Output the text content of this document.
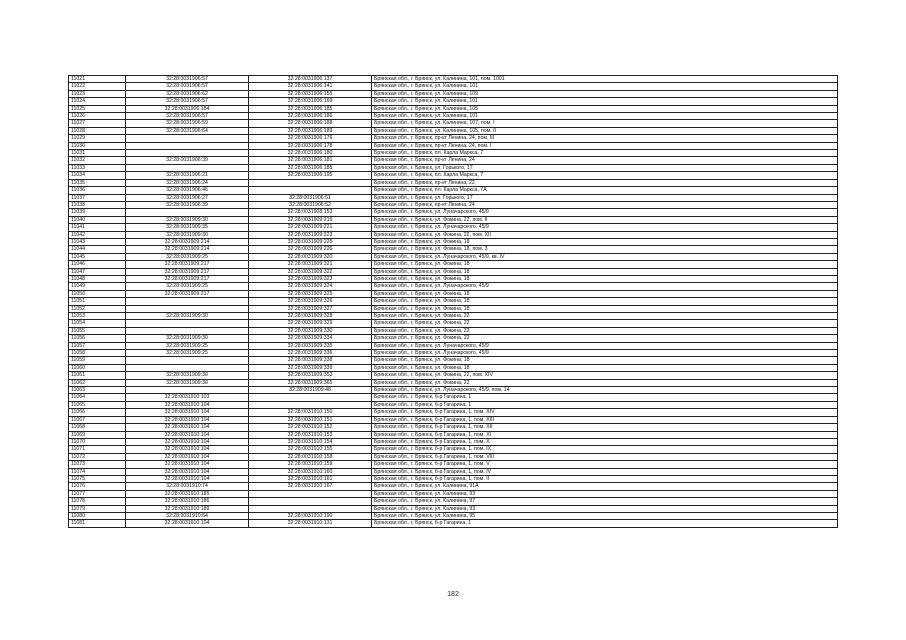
11021	32:28:0031906:57	32:28:0031906:137	Брянская обл., г. Брянск, ул. Калинина, 101, пом. 1001
11022	32:28:0031906:57	32:28:0031906:141	Брянская обл., г. Брянск, ул. Калинина, 101
11023	32:28:0031906:62	32:28:0031906:155	Брянская обл., г. Брянск, ул. Калинина, 109
11024	32:28:0031906:57	32:28:0031906:169	Брянская обл., г. Брянск, ул. Калинина, 101
11025	32:28:0031906:184	32:28:0031906:185	Брянская обл., г. Брянск, ул. Калинина, 105
11026	32:28:0031906:57	32:28:0031906:186	Брянская обл., г. Брянск, ул. Калинина, 101
11027	32:28:0031906:59	32:28:0031906:188	Брянская обл., г. Брянск, ул. Калинина, 107, пом. I
11028	32:28:0031906:64	32:28:0031906:189	Брянская обл., г. Брянск, ул. Калинина, 105, пом. II
11029		32:28:0031906:176	Брянская обл., г. Брянск, пр-кт Ленина, 24, пом. III
11030		32:28:0031906:178	Брянская обл., г. Брянск, пр-кт Ленина, 24, пом. I
11031		32:28:0031906:180	Брянская обл., г. Брянск, пл. Карла Маркса, 7
11032	32:28:0031906:39	32:28:0031906:181	Брянская обл., г. Брянск, пр-кт Ленина, 24
11033		32:28:0031906:185	Брянская обл., г. Брянск, ул. Горького, 17
11034	32:28:0031906:21	32:28:0031906:195	Брянская обл., г. Брянск, пл. Карла Маркса, 7
11035	32:28:0031906:24		Брянская обл., г. Брянск, пр-кт Ленина, 22
11036	32:28:0031906:46		Брянская обл., г. Брянск, пл. Карла Маркса, 7А
11037	32:28:0031906:27	32:28:0031906:51	Брянская обл., г. Брянск, ул. Горького, 17
11038	32:28:0031906:39	32:28:0031906:52	Брянская обл., г. Брянск, пр-кт Ленина, 24
11039		32:28:0031908:153	Брянская обл., г. Брянск, ул. Луначарского, 45/9
11040	32:28:0031909:30	32:28:0031909:216	Брянская обл., г. Брянск, ул. Фокина, 22, пом. II
11041	32:28:0031909:35	32:28:0031909:221	Брянская обл., г. Брянск, ул. Луначарского, 45/9
11042	32:28:0031909:30	32:28:0031909:223	Брянская обл., г. Брянск, ул. Фокина, 22, пом. XII
11043	32:28:0031909:214	32:28:0031909:225	Брянская обл., г. Брянск, ул. Фокина, 18
11044	32:28:0031909:214	32:28:0031909:226	Брянская обл., г. Брянск, ул. Фокина, 18, пом. 3
11045	32:28:0031909:25	32:28:0031909:320	Брянская обл., г. Брянск, ул. Луначарского, 45/9, кв. IV
11046	32:28:0031909:217	32:28:0031909:321	Брянская обл., г. Брянск, ул. Фокина, 18
11047	32:28:0031909:217	32:28:0031909:322	Брянская обл., г. Брянск, ул. Фокина, 18
11048	32:28:0031909:217	32:28:0031909:323	Брянская обл., г. Брянск, ул. Фокина, 18
11049	32:28:0031909:25	32:28:0031909:324	Брянская обл., г. Брянск, ул. Луначарского, 45/9
11050	32:28:0031909:217	32:28:0031909:325	Брянская обл., г. Брянск, ул. Фокина, 18
11051		32:28:0031909:326	Брянская обл., г. Брянск, ул. Фокина, 18
11052		32:28:0031909:327	Брянская обл., г. Брянск, ул. Фокина, 18
11053	32:28:0031909:30	32:28:0031909:328	Брянская обл., г. Брянск, ул. Фокина, 22
11054		32:28:0031909:329	Брянская обл., г. Брянск, ул. Фокина, 22
11055		32:28:0031909:330	Брянская обл., г. Брянск, ул. Фокина, 22
11056	32:28:0031909:30	32:28:0031909:334	Брянская обл., г. Брянск, ул. Фокина, 22
11057	32:28:0031909:25	32:28:0031909:335	Брянская обл., г. Брянск, ул. Луначарского, 45/9
11058	32:28:0031909:25	32:28:0031909:336	Брянская обл., г. Брянск, ул. Луначарского, 45/9
11059		32:28:0031909:338	Брянская обл., г. Брянск, ул. Фокина, 18
11060		32:28:0031909:339	Брянская обл., г. Брянск, ул. Фокина, 18
11061	32:28:0031909:30	32:28:0031909:353	Брянская обл., г. Брянск, ул. Фокина, 22, пом. XIV
11062	32:28:0031909:30	32:28:0031909:365	Брянская обл., г. Брянск, ул. Фокина, 22
11063		32:28:0031909:48	Брянская обл., г. Брянск, ул. Луначарского, 45/9, пом. 14
11064	32:28:0031910:103		Брянская обл., г. Брянск, б-р Гагарина, 1
11065	32:28:0031910:104		Брянская обл., г. Брянск, б-р Гагарина, 1
11066	32:28:0031910:104	32:28:0031910:150	Брянская обл., г. Брянск, б-р Гагарина, 1, пом. XIV
11067	32:28:0031910:104	32:28:0031910:151	Брянская обл., г. Брянск, б-р Гагарина, 1, пом. XIII
11068	32:28:0031910:104	32:28:0031910:152	Брянская обл., г. Брянск, б-р Гагарина, 1, пом. XII
11069	32:28:0031910:104	32:28:0031910:153	Брянская обл., г. Брянск, б-р Гагарина, 1, пом. XI
11070	32:28:0031910:104	32:28:0031910:154	Брянская обл., г. Брянск, б-р Гагарина, 1, пом. X
11071	32:28:0031910:104	32:28:0031910:155	Брянская обл., г. Брянск, б-р Гагарина, 1, пом. IX
11072	32:28:0031910:104	32:28:0031910:158	Брянская обл., г. Брянск, б-р Гагарина, 1, пом. VIII
11073	32:28:0031910:104	32:28:0031910:159	Брянская обл., г. Брянск, б-р Гагарина, 1, пом. V
11074	32:28:0031910:104	32:28:0031910:160	Брянская обл., г. Брянск, б-р Гагарина, 1, пом. IV
11075	32:28:0031910:104	32:28:0031910:161	Брянская обл., г. Брянск, б-р Гагарина, 1, пом. II
11076	32:28:0031910:74	32:28:0031910:167	Брянская обл., г. Брянск, ул. Калинина, 91А
11077	32:28:0031910:185		Брянская обл., г. Брянск, ул. Калинина, 93
11078	32:28:0031910:186		Брянская обл., г. Брянск, ул. Калинина, 97
11079	32:28:0031910:189		Брянская обл., г. Брянск, ул. Калинина, 93
11080	32:28:0031910:64	32:28:0031910:190	Брянская обл., г. Брянск, ул. Калинина, 95
11081	32:28:0031910:104	32:28:0031910:131	Брянская обл., г. Брянск, б-р Гагарина, 1
182
